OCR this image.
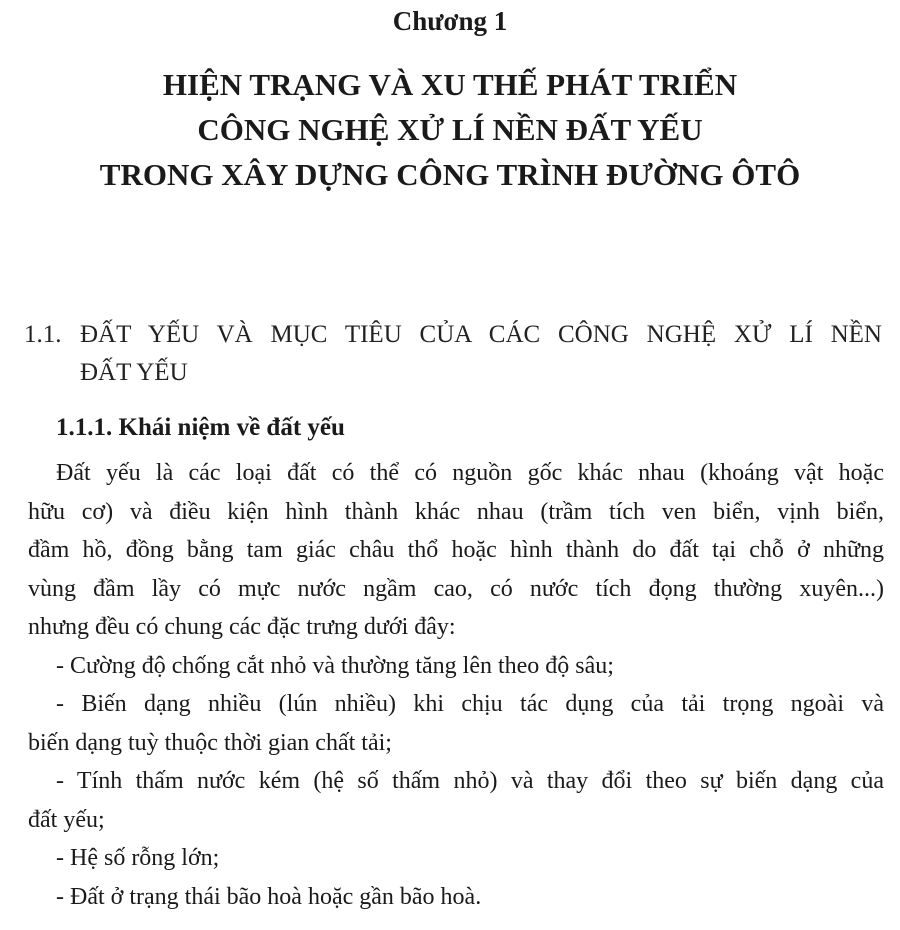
Chương 1
HIỆN TRẠNG VÀ XU THẾ PHÁT TRIỂN
CÔNG NGHỆ XỬ LÍ NỀN ĐẤT YẾU
TRONG XÂY DỰNG CÔNG TRÌNH ĐƯỜNG ÔTÔ
1.1. ĐẤT YẾU VÀ MỤC TIÊU CỦA CÁC CÔNG NGHỆ XỬ LÍ NỀN
ĐẤT YẾU
1.1.1. Khái niệm về đất yếu
Đất yếu là các loại đất có thể có nguồn gốc khác nhau (khoáng vật hoặc
hữu cơ) và điều kiện hình thành khác nhau (trầm tích ven biển, vịnh biển,
đầm hồ, đồng bằng tam giác châu thổ hoặc hình thành do đất tại chỗ ở những
vùng đầm lầy có mực nước ngầm cao, có nước tích đọng thường xuyên...)
nhưng đều có chung các đặc trưng dưới đây:
- Cường độ chống cắt nhỏ và thường tăng lên theo độ sâu;
- Biến dạng nhiều (lún nhiều) khi chịu tác dụng của tải trọng ngoài và
biến dạng tuỳ thuộc thời gian chất tải;
- Tính thấm nước kém (hệ số thấm nhỏ) và thay đổi theo sự biến dạng của
đất yếu;
- Hệ số rỗng lớn;
- Đất ở trạng thái bão hoà hoặc gần bão hoà.
